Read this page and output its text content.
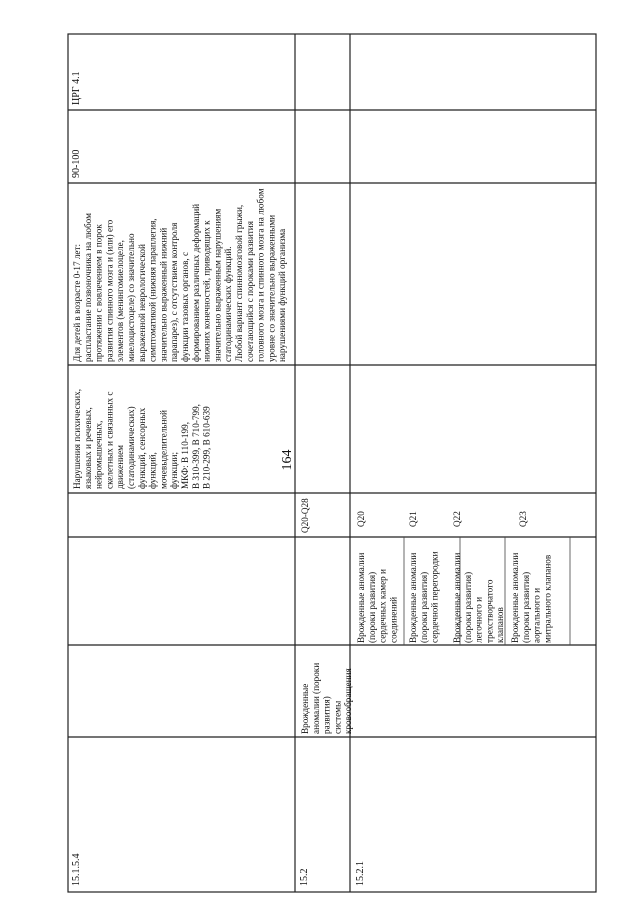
164
15.1.5.4
Нарушения психических,
языковых и речевых,
нейромышечных,
скелетных и связанных с
движением
(статодинамических)
функций, сенсорных
функций,
мочевыделительной
функции;
МКФ: B 110-199,
B 310-399, B 710-799,
B 210-299, B 610-639
Для детей в возрасте 0-17 лет:
распластание позвоночника на любом
протяжении с вовлечением в порок
развития спинного мозга и (или) его
элементов (менингомиелоцеле,
миелоцистоцеле) со значительно
выраженной неврологической
симптоматикой (нижняя параплегия,
значительно выраженный нижний
парапарез), с отсутствием контроля
функции тазовых органов, с
формированием различных деформаций
нижних конечностей, приводящих к
значительно выраженным нарушениям
статодинамических функций.
Любой вариант спинномозговой грыжи,
сочетающийся с пороками развития
головного мозга и спинного мозга на любом
уровне со значительно выраженными
нарушениями функций организма
90-100
ЦРГ 4.1
15.2
Врожденные
аномалии (пороки
развития) системы
кровообращения
Q20-Q28
15.2.1
Врожденные аномалии
(пороки развития)
сердечных камер и
соединений
Q20
Врожденные аномалии
(пороки развития)
сердечной перегородки
Q21
Врожденные аномалии
(пороки развития)
легочного и
трехстворчатого
клапанов
Q22
Врожденные аномалии
(пороки развития)
аортального и
митрального клапанов
Q23
